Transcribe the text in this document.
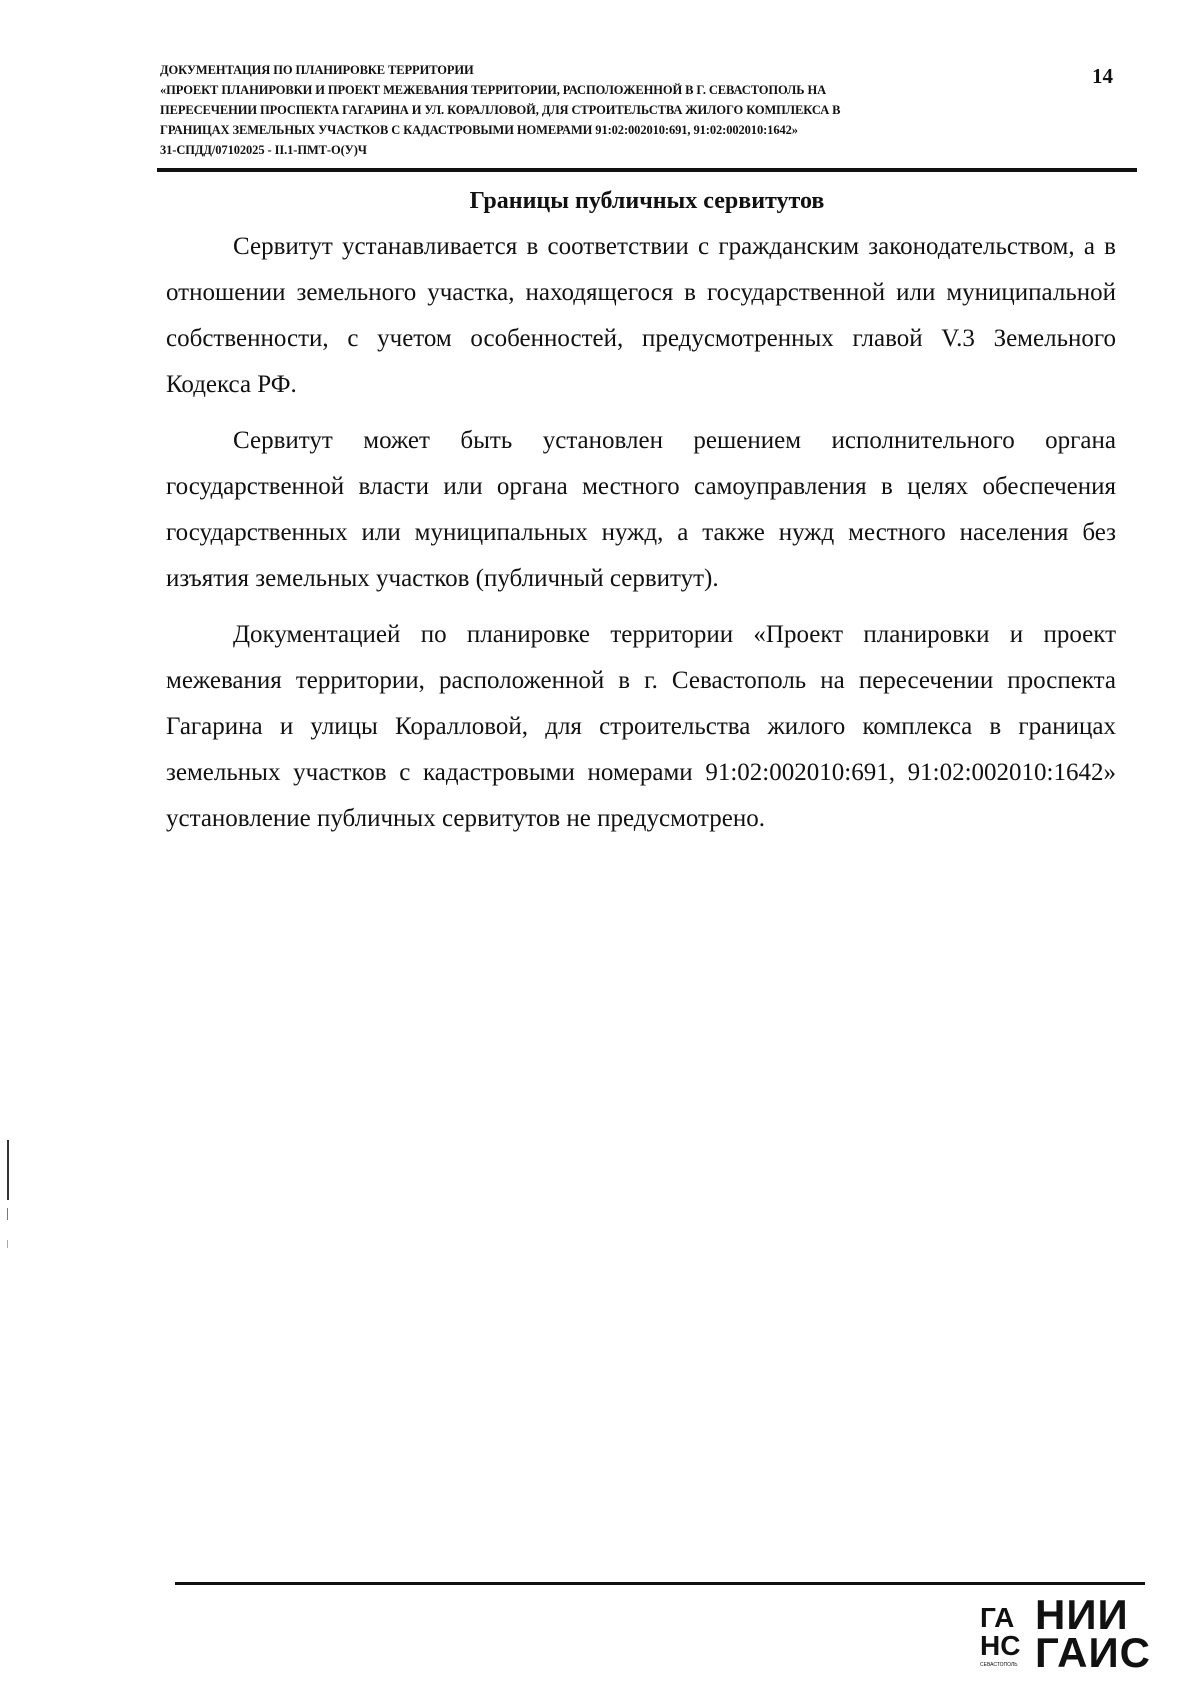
ДОКУМЕНТАЦИЯ ПО ПЛАНИРОВКЕ ТЕРРИТОРИИ
«ПРОЕКТ ПЛАНИРОВКИ И ПРОЕКТ МЕЖЕВАНИЯ ТЕРРИТОРИИ, РАСПОЛОЖЕННОЙ В Г. СЕВАСТОПОЛЬ НА
ПЕРЕСЕЧЕНИИ ПРОСПЕКТА ГАГАРИНА И УЛ. КОРАЛЛОВОЙ, ДЛЯ СТРОИТЕЛЬСТВА ЖИЛОГО КОМПЛЕКСА В
ГРАНИЦАХ ЗЕМЕЛЬНЫХ УЧАСТКОВ С КАДАСТРОВЫМИ НОМЕРАМИ 91:02:002010:691, 91:02:002010:1642»
31-СПДД/07102025 - II.1-ПМТ-О(У)Ч
14
Границы публичных сервитутов

Сервитут устанавливается в соответствии с гражданским законодательством, а в отношении земельного участка, находящегося в государственной или муниципальной собственности, с учетом особенностей, предусмотренных главой V.3 Земельного Кодекса РФ.

Сервитут может быть установлен решением исполнительного органа государственной власти или органа местного самоуправления в целях обеспечения государственных или муниципальных нужд, а также нужд местного населения без изъятия земельных участков (публичный сервитут).

Документацией по планировке территории «Проект планировки и проект межевания территории, расположенной в г. Севастополь на пересечении проспекта Гагарина и улицы Коралловой, для строительства жилого комплекса в границах земельных участков с кадастровыми номерами 91:02:002010:691, 91:02:002010:1642» установление публичных сервитутов не предусмотрено.

ГА
НС
СЕВАСТОПОЛЬ
НИИ
ГАИС
